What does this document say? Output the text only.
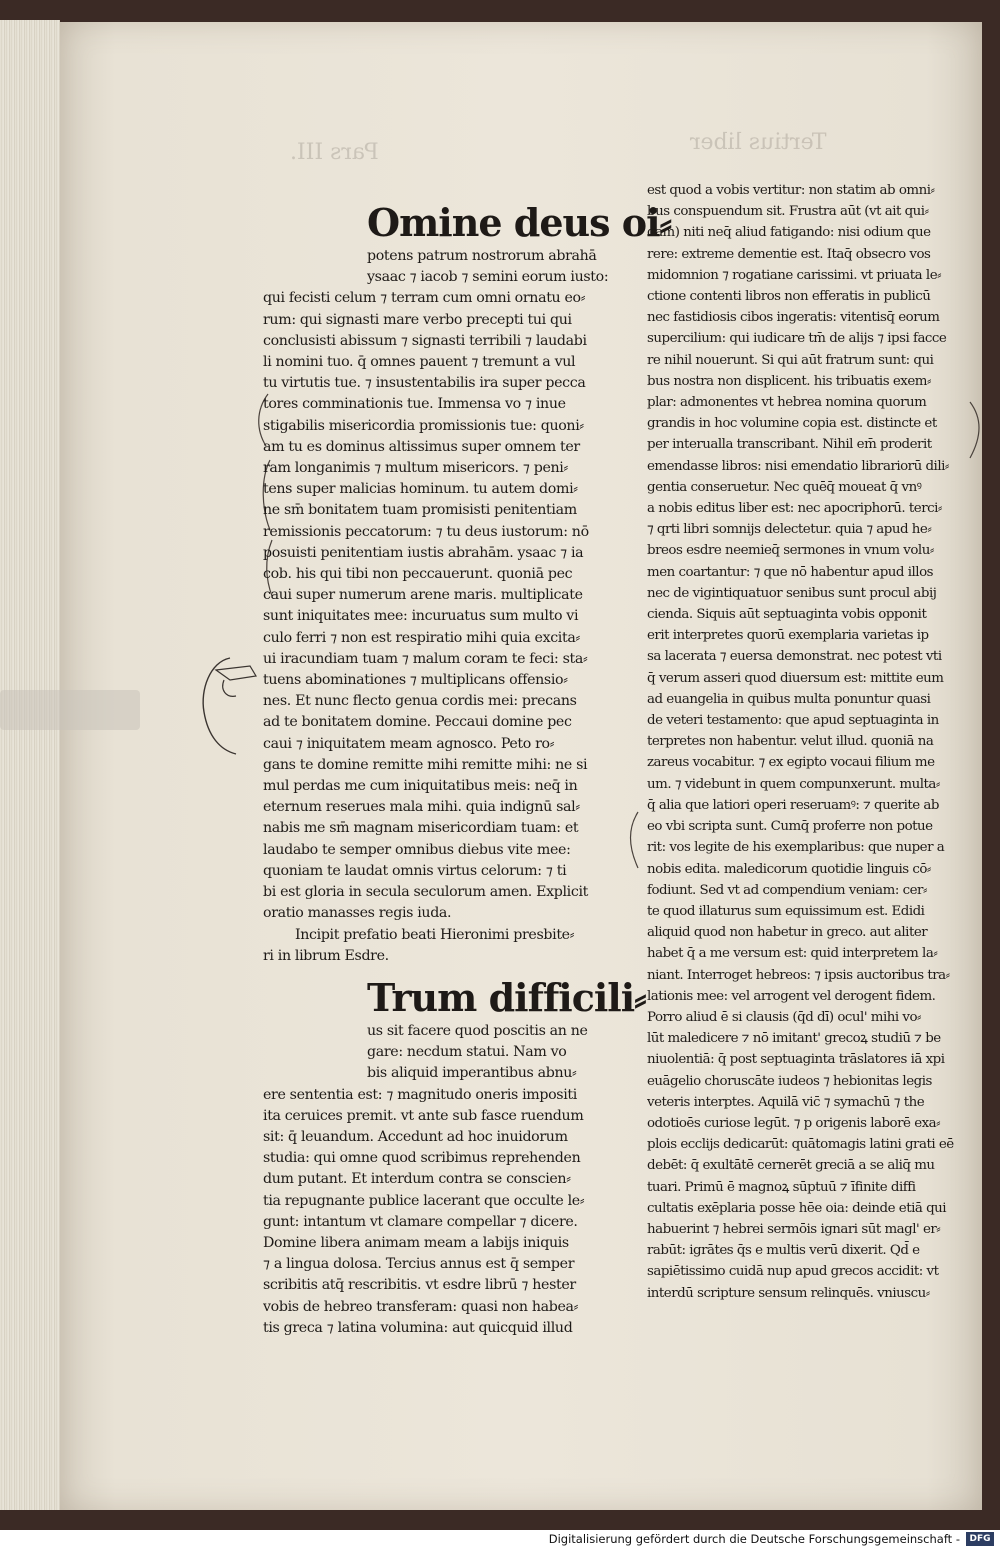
Pars III.	Tertius liber
Omine deus oi⸗
potens patrum nostrorum abrahā
ysaac ⁊ iacob ⁊ semini eorum iusto:
qui fecisti celum ⁊ terram cum omni ornatu eo⸗
rum: qui signasti mare verbo precepti tui qui
conclusisti abissum ⁊ signasti terribili ⁊ laudabi
li nomini tuo. q̄ omnes pauent ⁊ tremunt a vul
tu virtutis tue. ⁊ insustentabilis ira super pecca
tores comminationis tue. Immensa vo ⁊ inue
stigabilis misericordia promissionis tue: quoni⸗
am tu es dominus altissimus super omnem ter
ram longanimis ⁊ multum misericors. ⁊ peni⸗
tens super malicias hominum. tu autem domi⸗
ne sm̄ bonitatem tuam promisisti penitentiam
remissionis peccatorum: ⁊ tu deus iustorum: nō
posuisti penitentiam iustis abrahām. ysaac ⁊ ia
cob. his qui tibi non peccauerunt. quoniā pec
caui super numerum arene maris. multiplicate
sunt iniquitates mee: incuruatus sum multo vi
culo ferri ⁊ non est respiratio mihi quia excita⸗
ui iracundiam tuam ⁊ malum coram te feci: sta⸗
tuens abominationes ⁊ multiplicans offensio⸗
nes. Et nunc flecto genua cordis mei: precans
ad te bonitatem domine. Peccaui domine pec
caui ⁊ iniquitatem meam agnosco. Peto ro⸗
gans te domine remitte mihi remitte mihi: ne si
mul perdas me cum iniquitatibus meis: neq̄ in
eternum reserues mala mihi. quia indignū sal⸗
nabis me sm̄ magnam misericordiam tuam: et
laudabo te semper omnibus diebus vite mee:
quoniam te laudat omnis virtus celorum: ⁊ ti
bi est gloria in secula seculorum amen. Explicit
oratio manasses regis iuda.
Incipit prefatio beati Hieronimi presbite⸗
ri in librum Esdre.
Trum difficili⸗
us sit facere quod poscitis an ne
gare: necdum statui. Nam vo
bis aliquid imperantibus abnu⸗
ere sententia est: ⁊ magnitudo oneris impositi
ita ceruices premit. vt ante sub fasce ruendum
sit: q̄ leuandum. Accedunt ad hoc inuidorum
studia: qui omne quod scribimus reprehenden
dum putant. Et interdum contra se conscien⸗
tia repugnante publice lacerant que occulte le⸗
gunt: intantum vt clamare compellar ⁊ dicere.
Domine libera animam meam a labijs iniquis
⁊ a lingua dolosa. Tercius annus est q̄ semper
scribitis atq̄ rescribitis. vt esdre librū ⁊ hester
vobis de hebreo transferam: quasi non habea⸗
tis greca ⁊ latina volumina: aut quicquid illud
est quod a vobis vertitur: non statim ab omni⸗
bus conspuendum sit. Frustra aūt (vt ait qui⸗
dam) niti neq̄ aliud fatigando: nisi odium que
rere: extreme dementie est. Itaq̄ obsecro vos
midomnion ⁊ rogatiane carissimi. vt priuata le⸗
ctione contenti libros non efferatis in publicū
nec fastidiosis cibos ingeratis: vitentisq̄ eorum
supercilium: qui iudicare tm̄ de alijs ⁊ ipsi facce
re nihil nouerunt. Si qui aūt fratrum sunt: qui
bus nostra non displicent. his tribuatis exem⸗
plar: admonentes vt hebrea nomina quorum
grandis in hoc volumine copia est. distincte et
per interualla transcribant. Nihil em̄ proderit
emendasse libros: nisi emendatio librariorū dili⸗
gentia conseruetur. Nec quēq̄ moueat q̄ vnꝰ
a nobis editus liber est: nec apocriphorū. terci⸗
⁊ qrti libri somnijs delectetur. quia ⁊ apud he⸗
breos esdre neemieq̄ sermones in vnum volu⸗
men coartantur: ⁊ que nō habentur apud illos
nec de vigintiquatuor senibus sunt procul abij
cienda. Siquis aūt septuaginta vobis opponit
erit interpretes quorū exemplaria varietas ip
sa lacerata ⁊ euersa demonstrat. nec potest vti
q̄ verum asseri quod diuersum est: mittite eum
ad euangelia in quibus multa ponuntur quasi
de veteri testamento: que apud septuaginta in
terpretes non habentur. velut illud. quoniā na
zareus vocabitur. ⁊ ex egipto vocaui filium me
um. ⁊ videbunt in quem compunxerunt. multa⸗
q̄ alia que latiori operi reseruamꝰ: ⁊ querite ab
eo vbi scripta sunt. Cumq̄ proferre non potue
rit: vos legite de his exemplaribus: que nuper a
nobis edita. maledicorum quotidie linguis cō⸗
fodiunt. Sed vt ad compendium veniam: cer⸗
te quod illaturus sum equissimum est. Edidi
aliquid quod non habetur in greco. aut aliter
habet q̄ a me versum est: quid interpretem la⸗
niant. Interroget hebreos: ⁊ ipsis auctoribus tra⸗
lationis mee: vel arrogent vel derogent fidem.
Porro aliud ē si clausis (q̄d dī) ocul' mihi vo⸗
lūt maledicere ⁊ nō imitant' grecoꝝ studiū ⁊ be
niuolentiā: q̄ post septuaginta trāslatores iā xpi
euāgelio choruscāte iudeos ⁊ hebionitas legis
veteris interptes. Aquilā vic̄ ⁊ symachū ⁊ the
odotioēs curiose legūt. ⁊ p origenis laborē exa⸗
plois ecclijs dedicarūt: quātomagis latini grati eē
debēt: q̄ exultātē cernerēt greciā a se aliq̄ mu
tuari. Primū ē magnoꝝ sūptuū ⁊ īfinite diffi
cultatis exēplaria posse hēe oia: deinde etiā qui
habuerint ⁊ hebrei sermōis ignari sūt magl' er⸗
rabūt: igrātes q̄s e multis verū dixerit. Qd̄ e
sapiētissimo cuidā nup apud grecos accidit: vt
interdū scripture sensum relinquēs. vniuscu⸗
Digitalisierung gefördert durch die Deutsche Forschungsgemeinschaft -	DFG
